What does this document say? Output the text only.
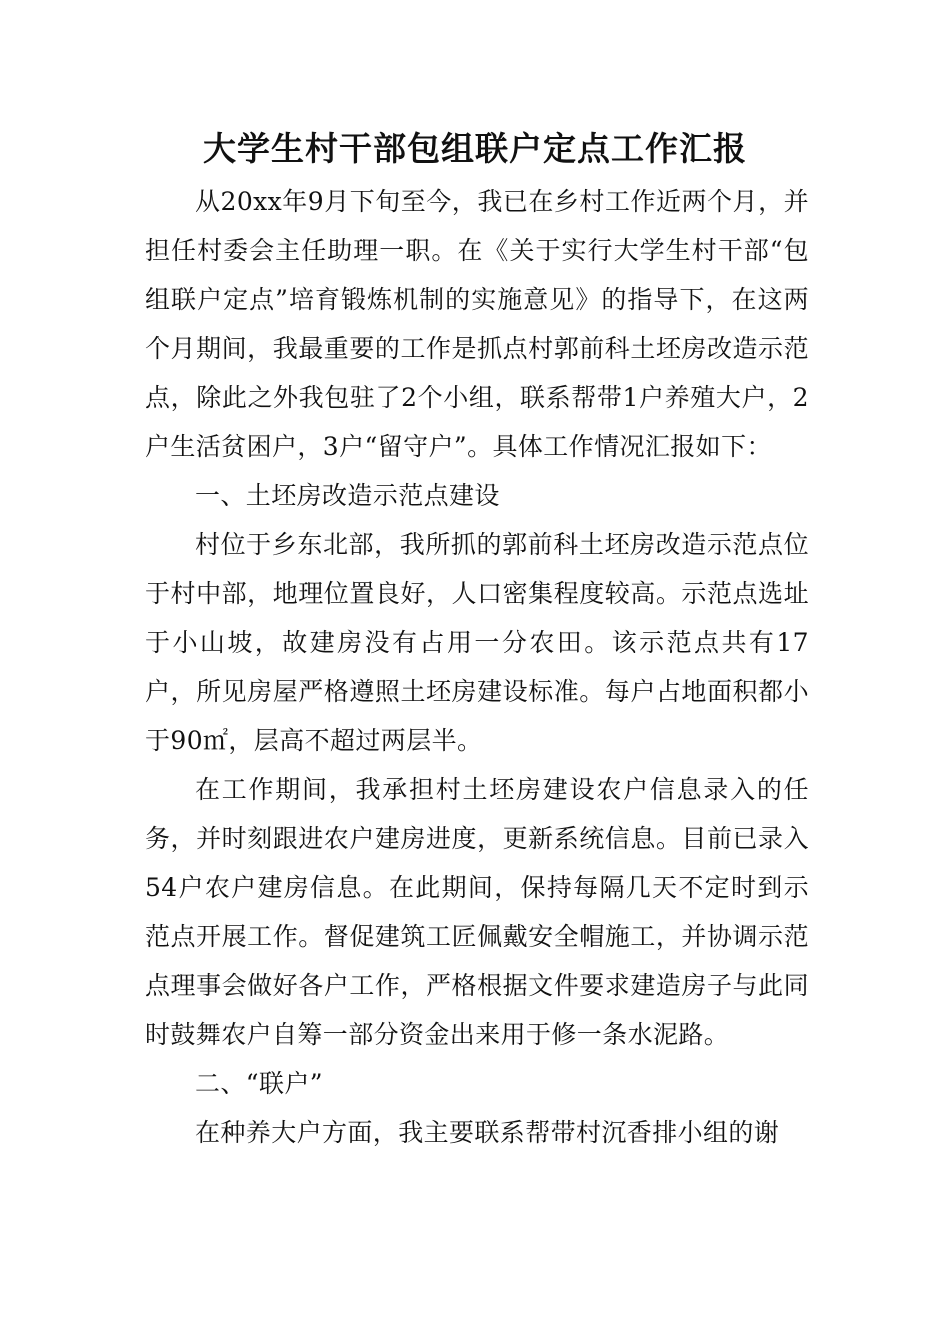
大学生村干部包组联户定点工作汇报

从20xx年9月下旬至今，我已在乡村工作近两个月，并担任村委会主任助理一职。在《关于实行大学生村干部“包组联户定点”培育锻炼机制的实施意见》的指导下，在这两个月期间，我最重要的工作是抓点村郭前科土坯房改造示范点，除此之外我包驻了2个小组，联系帮带1户养殖大户，2户生活贫困户，3户“留守户”。具体工作情况汇报如下：

一、土坯房改造示范点建设

村位于乡东北部，我所抓的郭前科土坯房改造示范点位于村中部，地理位置良好，人口密集程度较高。示范点选址于小山坡，故建房没有占用一分农田。该示范点共有17户，所见房屋严格遵照土坯房建设标准。每户占地面积都小于90㎡，层高不超过两层半。

在工作期间，我承担村土坯房建设农户信息录入的任务，并时刻跟进农户建房进度，更新系统信息。目前已录入54户农户建房信息。在此期间，保持每隔几天不定时到示范点开展工作。督促建筑工匠佩戴安全帽施工，并协调示范点理事会做好各户工作，严格根据文件要求建造房子与此同时鼓舞农户自筹一部分资金出来用于修一条水泥路。

二、“联户”

在种养大户方面，我主要联系帮带村沉香排小组的谢
